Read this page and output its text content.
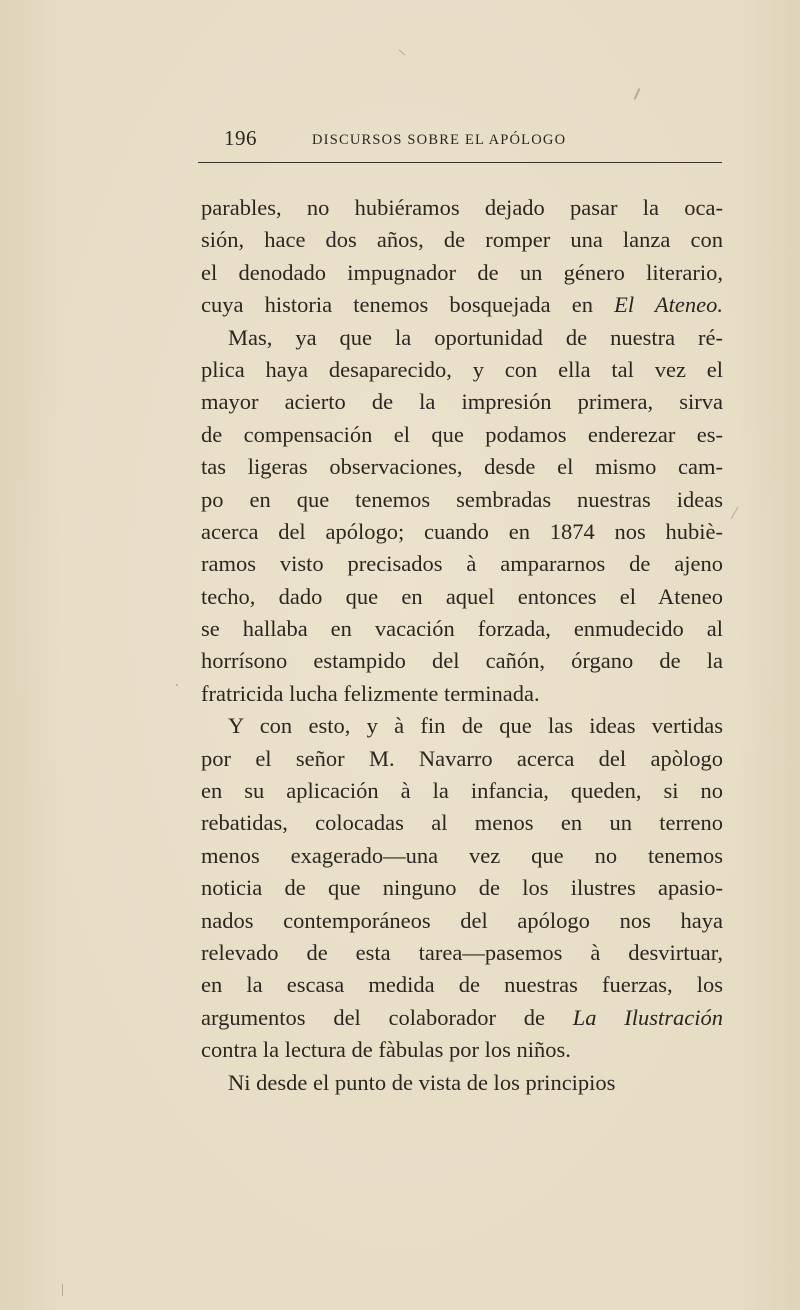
196	DISCURSOS SOBRE EL APÓLOGO
parables, no hubiéramos dejado pasar la oca-
sión, hace dos años, de romper una lanza con
el denodado impugnador de un género literario,
cuya historia tenemos bosquejada en El Ateneo.
Mas, ya que la oportunidad de nuestra ré-
plica haya desaparecido, y con ella tal vez el
mayor acierto de la impresión primera, sirva
de compensación el que podamos enderezar es-
tas ligeras observaciones, desde el mismo cam-
po en que tenemos sembradas nuestras ideas
acerca del apólogo; cuando en 1874 nos hubiè-
ramos visto precisados à ampararnos de ajeno
techo, dado que en aquel entonces el Ateneo
se hallaba en vacación forzada, enmudecido al
horrísono estampido del cañón, órgano de la
fratricida lucha felizmente terminada.
Y con esto, y à fin de que las ideas vertidas
por el señor M. Navarro acerca del apòlogo
en su aplicación à la infancia, queden, si no
rebatidas, colocadas al menos en un terreno
menos exagerado—una vez que no tenemos
noticia de que ninguno de los ilustres apasio-
nados contemporáneos del apólogo nos haya
relevado de esta tarea—pasemos à desvirtuar,
en la escasa medida de nuestras fuerzas, los
argumentos del colaborador de La Ilustración
contra la lectura de fàbulas por los niños.
Ni desde el punto de vista de los principios
